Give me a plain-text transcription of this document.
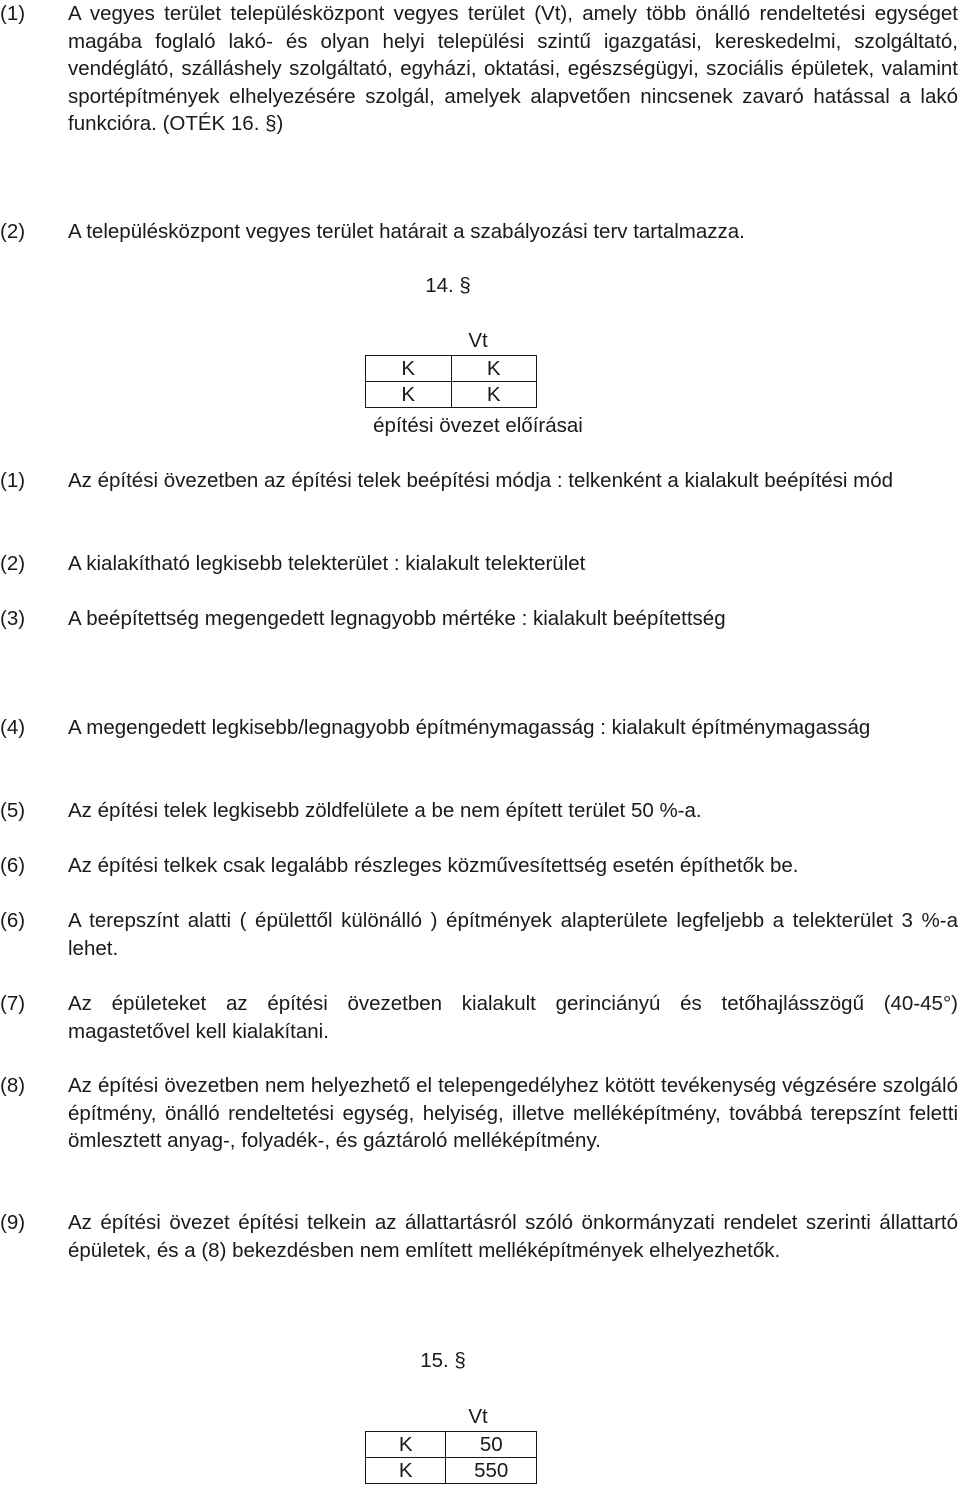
(1)	A vegyes terület településközpont vegyes terület (Vt), amely több önálló rendeltetési egységet magába foglaló lakó- és olyan helyi települési szintű igazgatási, kereskedelmi, szolgáltató, vendéglátó, szálláshely szolgáltató, egyházi, oktatási, egészségügyi, szociális épületek, valamint sportépítmények elhelyezésére szolgál, amelyek alapvetően nincsenek zavaró hatással a lakó funkcióra. (OTÉK 16. §)
(2)	A településközpont vegyes terület határait a szabályozási terv tartalmazza.
14. §
Vt
K	K
K	K
építési övezet előírásai
(1)	Az építési övezetben az építési telek beépítési módja : telkenként a kialakult beépítési mód
(2)	A kialakítható legkisebb telekterület : kialakult telekterület
(3)	A beépítettség megengedett legnagyobb mértéke : kialakult beépítettség
(4)	A megengedett legkisebb/legnagyobb építménymagasság : kialakult építménymagasság
(5)	Az építési telek legkisebb zöldfelülete a be nem épített terület 50 %-a.
(6)	Az építési telkek csak legalább részleges közművesítettség esetén építhetők be.
(6)	A terepszínt alatti ( épülettől különálló ) építmények alapterülete legfeljebb a telekterület 3 %-a lehet.
(7)	Az épületeket az építési övezetben kialakult gerinciányú és tetőhajlásszögű (40-45°) magastetővel kell kialakítani.
(8)	Az építési övezetben nem helyezhető el telepengedélyhez kötött tevékenység végzésére szolgáló építmény, önálló rendeltetési egység, helyiség, illetve melléképítmény, továbbá terepszínt feletti ömlesztett anyag-, folyadék-, és gáztároló melléképítmény.
(9)	Az építési övezet építési telkein az állattartásról szóló önkormányzati rendelet szerinti állattartó épületek, és a (8) bekezdésben nem említett melléképítmények elhelyezhetők.
15. §
Vt
K	50
K	550
